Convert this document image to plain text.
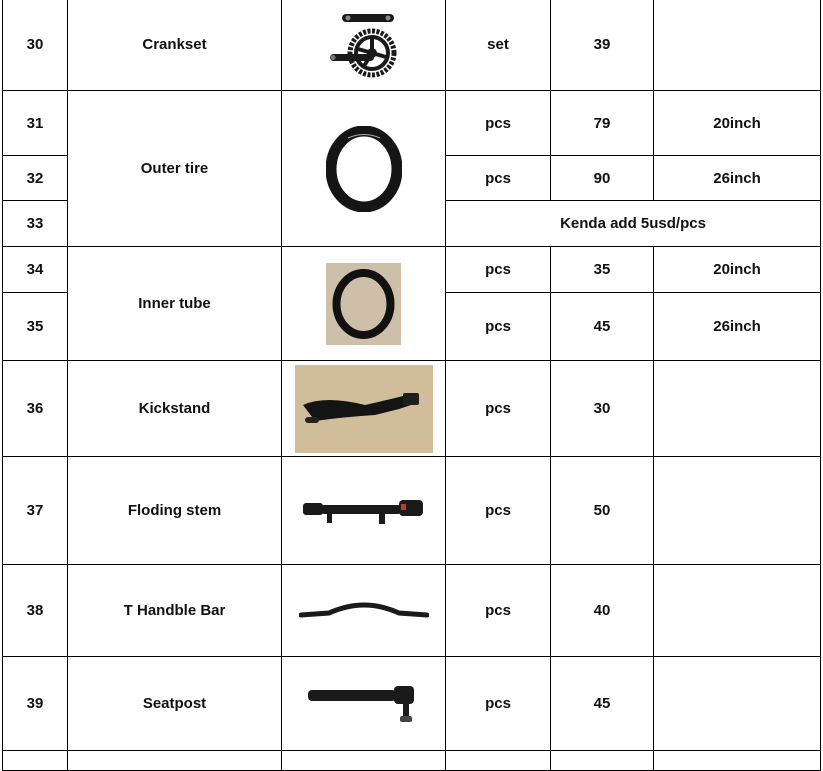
30	Crankset		set	39	
31	Outer tire		pcs	79	20inch
32			pcs	90	26inch
33			Kenda add 5usd/pcs		
34	Inner tube		pcs	35	20inch
35			pcs	45	26inch
36	Kickstand		pcs	30	
37	Floding stem		pcs	50	
38	T Handble Bar		pcs	40	
39	Seatpost		pcs	45	
